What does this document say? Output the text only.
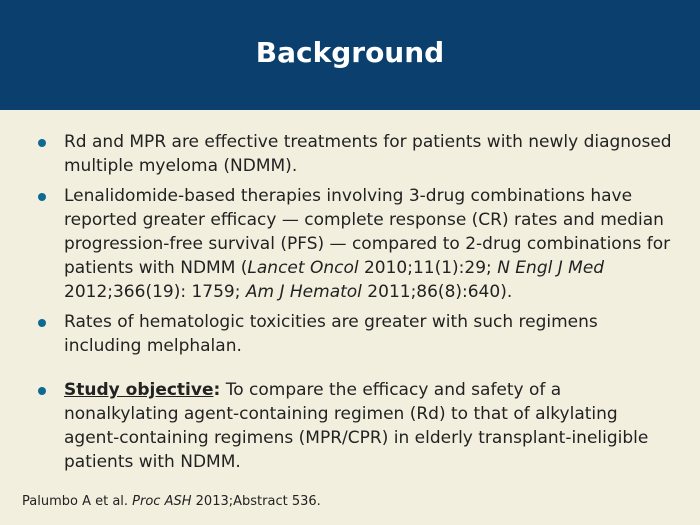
Background
Rd and MPR are effective treatments for patients with newly diagnosed multiple myeloma (NDMM).
Lenalidomide-based therapies involving 3-drug combinations have reported greater efficacy — complete response (CR) rates and median progression-free survival (PFS) — compared to 2-drug combinations for patients with NDMM (Lancet Oncol 2010;11(1):29; N Engl J Med 2012;366(19): 1759; Am J Hematol 2011;86(8):640).
Rates of hematologic toxicities are greater with such regimens including melphalan.
Study objective: To compare the efficacy and safety of a nonalkylating agent-containing regimen (Rd) to that of alkylating agent-containing regimens (MPR/CPR) in elderly transplant-ineligible patients with NDMM.
Palumbo A et al. Proc ASH 2013;Abstract 536.
